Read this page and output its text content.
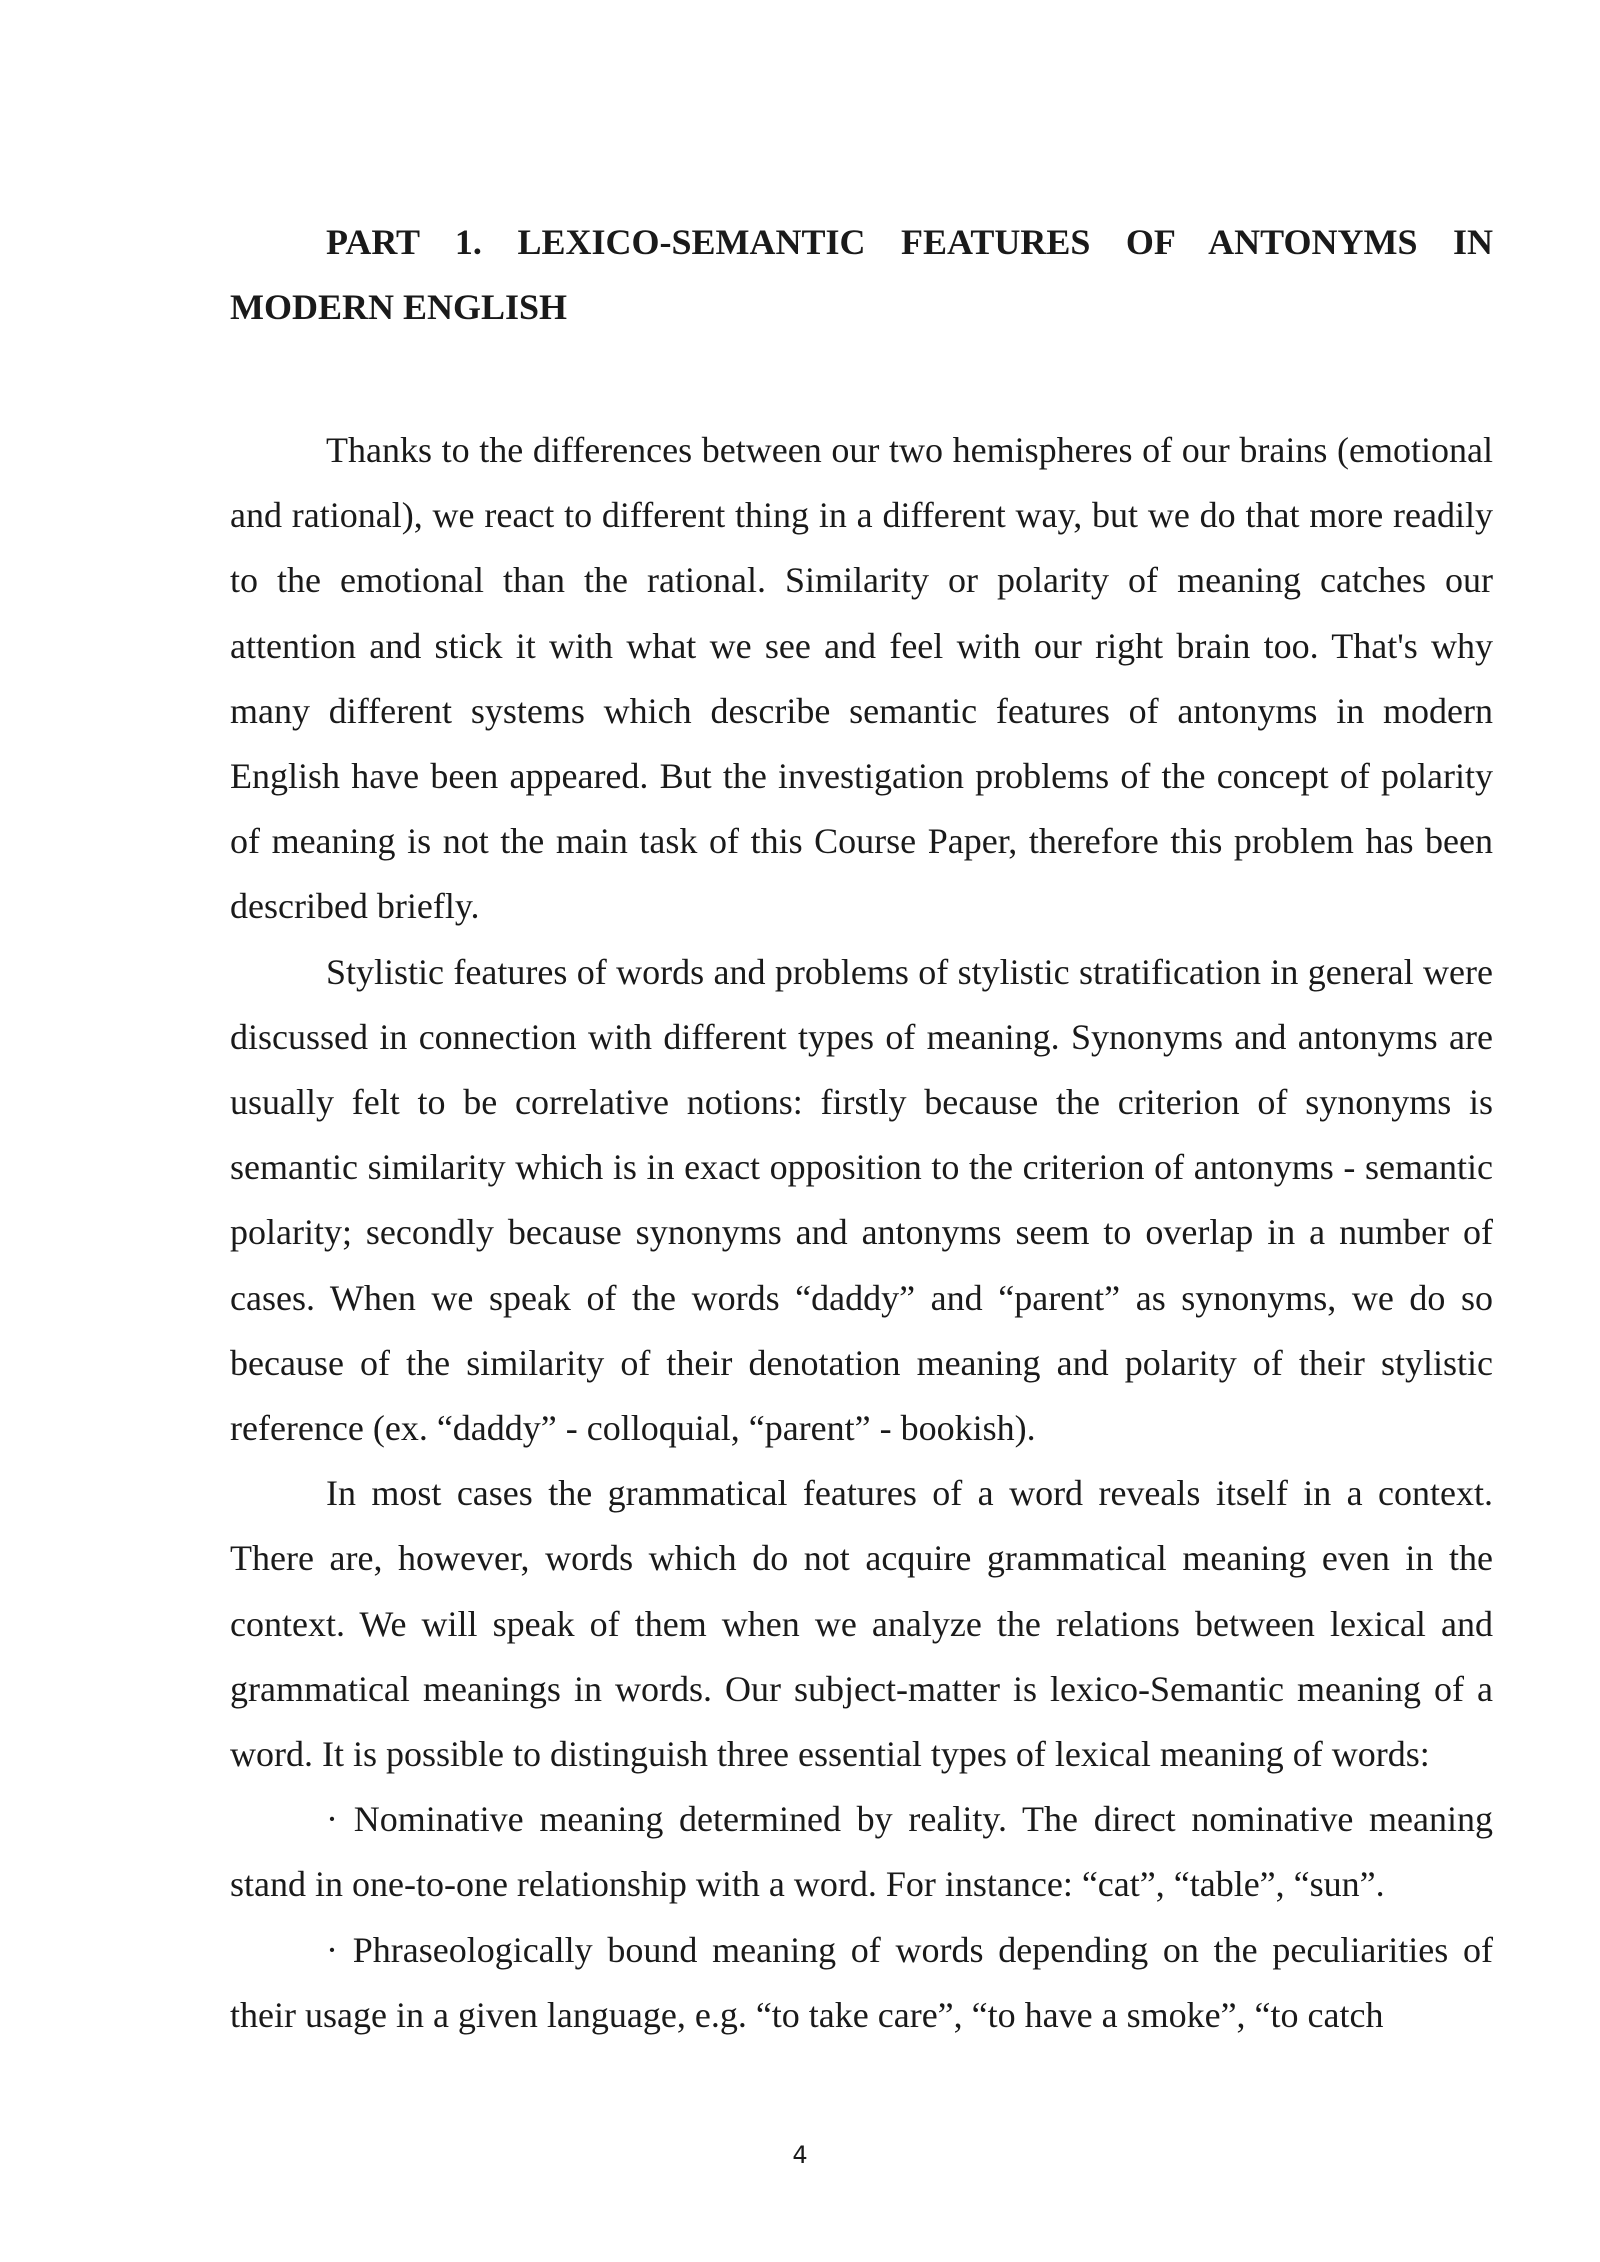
PART 1. LEXICO-SEMANTIC FEATURES OF ANTONYMS IN MODERN ENGLISH

Thanks to the differences between our two hemispheres of our brains (emotional and rational), we react to different thing in a different way, but we do that more readily to the emotional than the rational. Similarity or polarity of meaning catches our attention and stick it with what we see and feel with our right brain too. That's why many different systems which describe semantic features of antonyms in modern English have been appeared. But the investigation problems of the concept of polarity of meaning is not the main task of this Course Paper, therefore this problem has been described briefly.

Stylistic features of words and problems of stylistic stratification in general were discussed in connection with different types of meaning. Synonyms and antonyms are usually felt to be correlative notions: firstly because the criterion of synonyms is semantic similarity which is in exact opposition to the criterion of antonyms - semantic polarity; secondly because synonyms and antonyms seem to overlap in a number of cases. When we speak of the words “daddy” and “parent” as synonyms, we do so because of the similarity of their denotation meaning and polarity of their stylistic reference (ex. “daddy” - colloquial, “parent” - bookish).

In most cases the grammatical features of a word reveals itself in a context. There are, however, words which do not acquire grammatical meaning even in the context. We will speak of them when we analyze the relations between lexical and grammatical meanings in words. Our subject-matter is lexico-Semantic meaning of a word. It is possible to distinguish three essential types of lexical meaning of words:

· Nominative meaning determined by reality. The direct nominative meaning stand in one-to-one relationship with a word. For instance: “cat”, “table”, “sun”.

· Phraseologically bound meaning of words depending on the peculiarities of their usage in a given language, e.g. “to take care”, “to have a smoke”, “to catch

4
